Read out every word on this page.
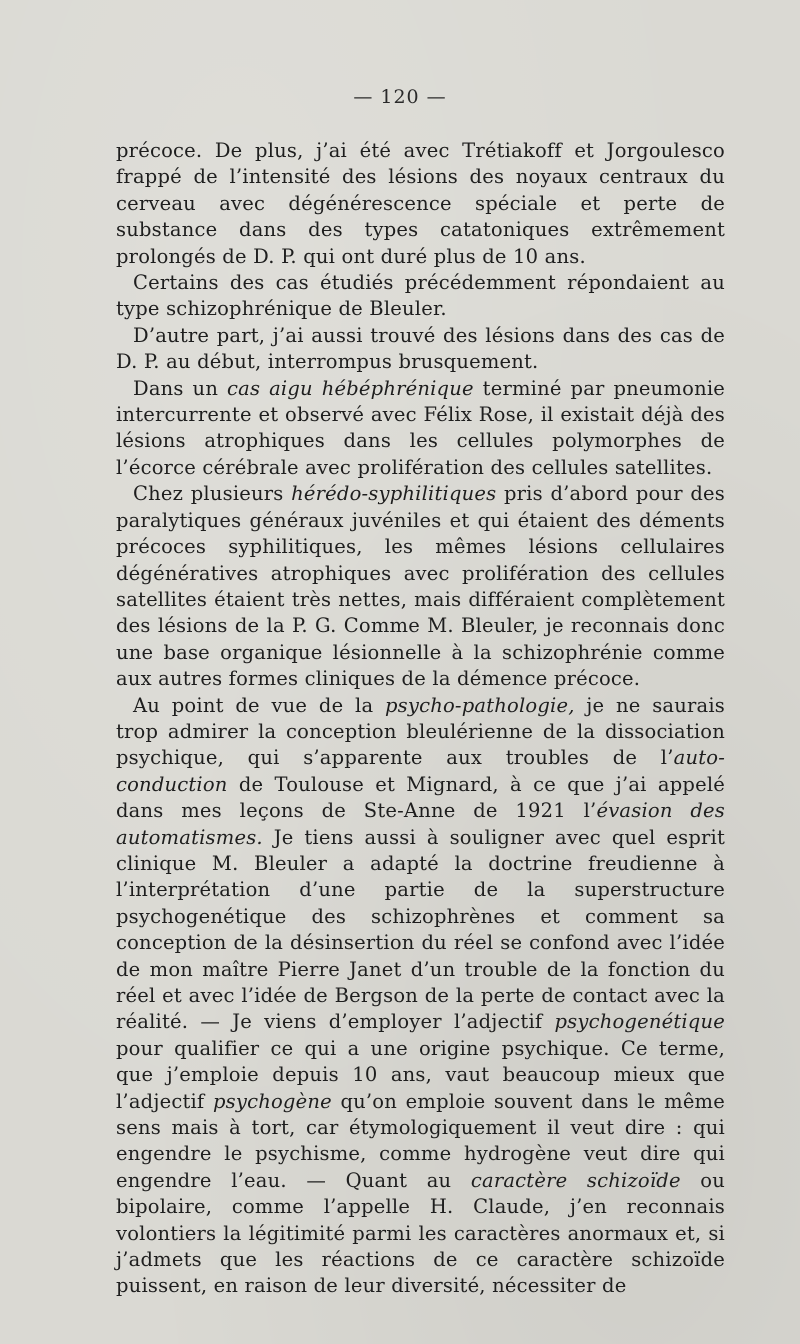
— 120 —

précoce. De plus, j’ai été avec Trétiakoff et Jorgoulesco frappé de l’intensité des lésions des noyaux centraux du cerveau avec dégénérescence spéciale et perte de substance dans des types catatoniques extrêmement prolongés de D. P. qui ont duré plus de 10 ans.

Certains des cas étudiés précédemment répondaient au type schizophrénique de Bleuler.

D’autre part, j’ai aussi trouvé des lésions dans des cas de D. P. au début, interrompus brusquement.

Dans un cas aigu hébéphrénique terminé par pneumonie intercurrente et observé avec Félix Rose, il existait déjà des lésions atrophiques dans les cellules polymorphes de l’écorce cérébrale avec prolifération des cellules satellites.

Chez plusieurs hérédo-syphilitiques pris d’abord pour des paralytiques généraux juvéniles et qui étaient des déments précoces syphilitiques, les mêmes lésions cellulaires dégénératives atrophiques avec prolifération des cellules satellites étaient très nettes, mais différaient complètement des lésions de la P. G. Comme M. Bleuler, je reconnais donc une base organique lésionnelle à la schizophrénie comme aux autres formes cliniques de la démence précoce.

Au point de vue de la psycho-pathologie, je ne saurais trop admirer la conception bleulérienne de la dissociation psychique, qui s’apparente aux troubles de l’auto-conduction de Toulouse et Mignard, à ce que j’ai appelé dans mes leçons de Ste-Anne de 1921 l’évasion des automatismes. Je tiens aussi à souligner avec quel esprit clinique M. Bleuler a adapté la doctrine freudienne à l’interprétation d’une partie de la superstructure psychogenétique des schizophrènes et comment sa conception de la désinsertion du réel se confond avec l’idée de mon maître Pierre Janet d’un trouble de la fonction du réel et avec l’idée de Bergson de la perte de contact avec la réalité. — Je viens d’employer l’adjectif psychogenétique pour qualifier ce qui a une origine psychique. Ce terme, que j’emploie depuis 10 ans, vaut beaucoup mieux que l’adjectif psychogène qu’on emploie souvent dans le même sens mais à tort, car étymologiquement il veut dire : qui engendre le psychisme, comme hydrogène veut dire qui engendre l’eau. — Quant au caractère schizoïde ou bipolaire, comme l’appelle H. Claude, j’en reconnais volontiers la légitimité parmi les caractères anormaux et, si j’admets que les réactions de ce caractère schizoïde puissent, en raison de leur diversité, nécessiter de
